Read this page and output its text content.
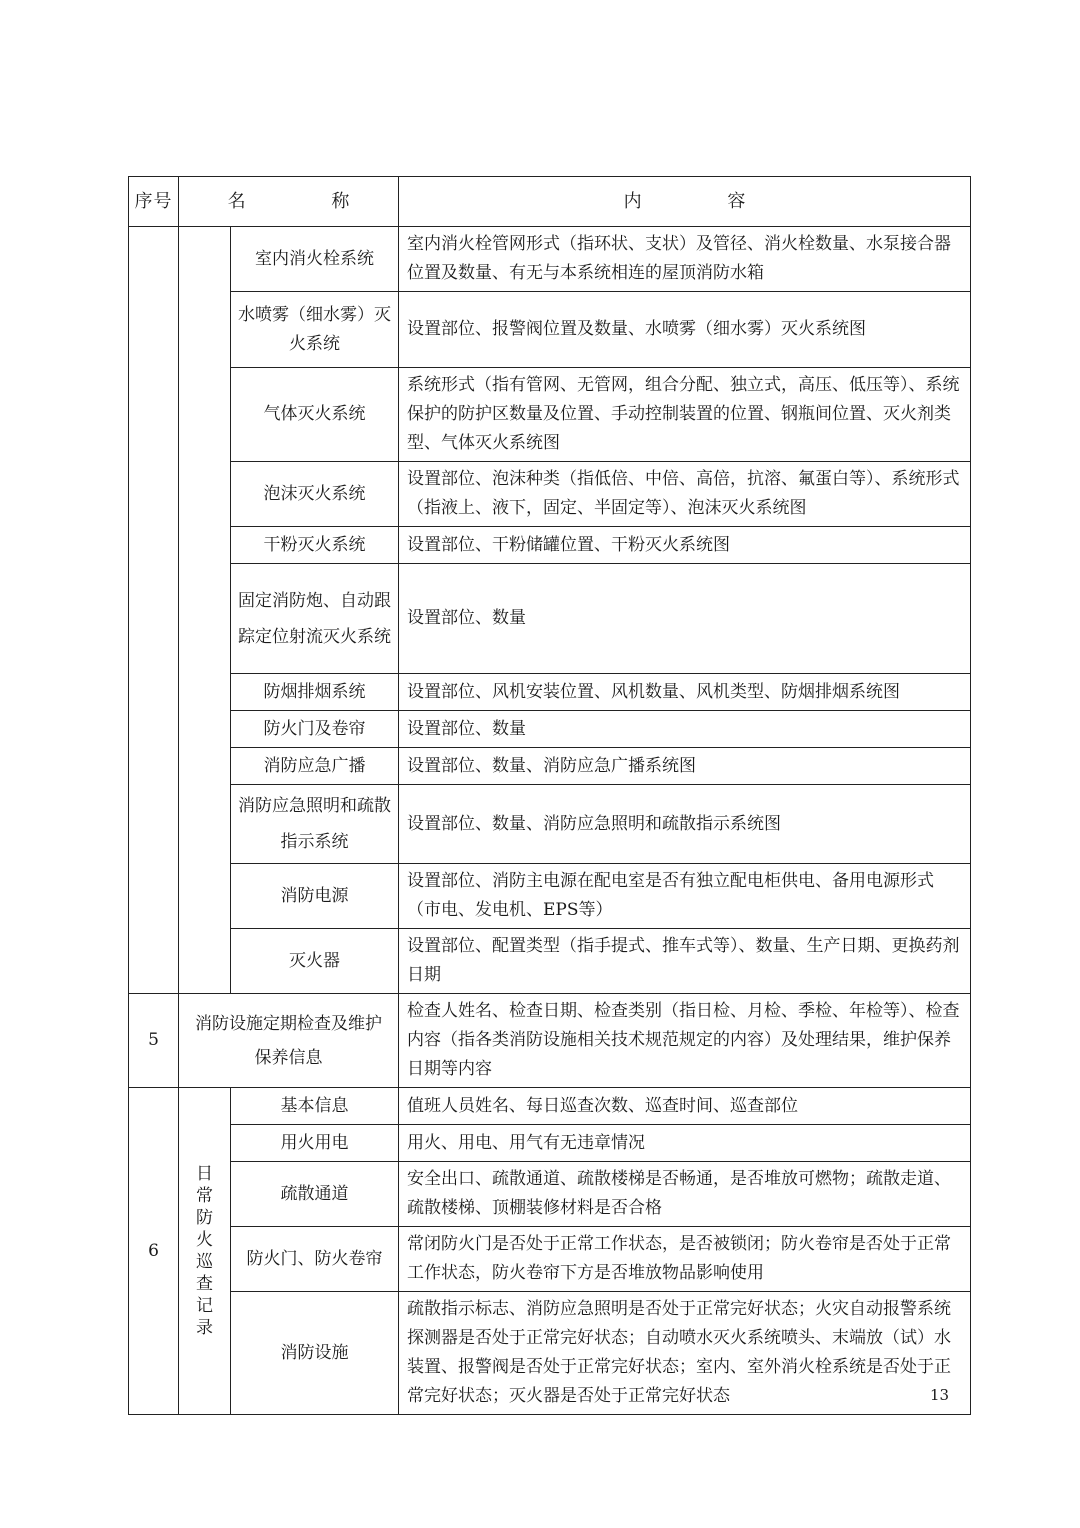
序号	名 称		内 容
		室内消火栓系统	室内消火栓管网形式（指环状、支状）及管径、消火栓数量、水泵接合器位置及数量、有无与本系统相连的屋顶消防水箱
		水喷雾（细水雾）灭火系统	设置部位、报警阀位置及数量、水喷雾（细水雾）灭火系统图
		气体灭火系统	系统形式（指有管网、无管网，组合分配、独立式，高压、低压等）、系统保护的防护区数量及位置、手动控制装置的位置、钢瓶间位置、灭火剂类型、气体灭火系统图
		泡沫灭火系统	设置部位、泡沫种类（指低倍、中倍、高倍，抗溶、氟蛋白等）、系统形式（指液上、液下，固定、半固定等）、泡沫灭火系统图
		干粉灭火系统	设置部位、干粉储罐位置、干粉灭火系统图
		固定消防炮、自动跟踪定位射流灭火系统	设置部位、数量
		防烟排烟系统	设置部位、风机安装位置、风机数量、风机类型、防烟排烟系统图
		防火门及卷帘	设置部位、数量
		消防应急广播	设置部位、数量、消防应急广播系统图
		消防应急照明和疏散指示系统	设置部位、数量、消防应急照明和疏散指示系统图
		消防电源	设置部位、消防主电源在配电室是否有独立配电柜供电、备用电源形式（市电、发电机、EPS等）
		灭火器	设置部位、配置类型（指手提式、推车式等）、数量、生产日期、更换药剂日期
5	消防设施定期检查及维护保养信息		检查人姓名、检查日期、检查类别（指日检、月检、季检、年检等）、检查内容（指各类消防设施相关技术规范规定的内容）及处理结果，维护保养日期等内容
6	日常防火巡查记录	基本信息	值班人员姓名、每日巡查次数、巡查时间、巡查部位
		用火用电	用火、用电、用气有无违章情况
		疏散通道	安全出口、疏散通道、疏散楼梯是否畅通，是否堆放可燃物；疏散走道、疏散楼梯、顶棚装修材料是否合格
		防火门、防火卷帘	常闭防火门是否处于正常工作状态，是否被锁闭；防火卷帘是否处于正常工作状态，防火卷帘下方是否堆放物品影响使用
		消防设施	疏散指示标志、消防应急照明是否处于正常完好状态；火灾自动报警系统探测器是否处于正常完好状态；自动喷水灭火系统喷头、末端放（试）水装置、报警阀是否处于正常完好状态；室内、室外消火栓系统是否处于正常完好状态；灭火器是否处于正常完好状态	13
